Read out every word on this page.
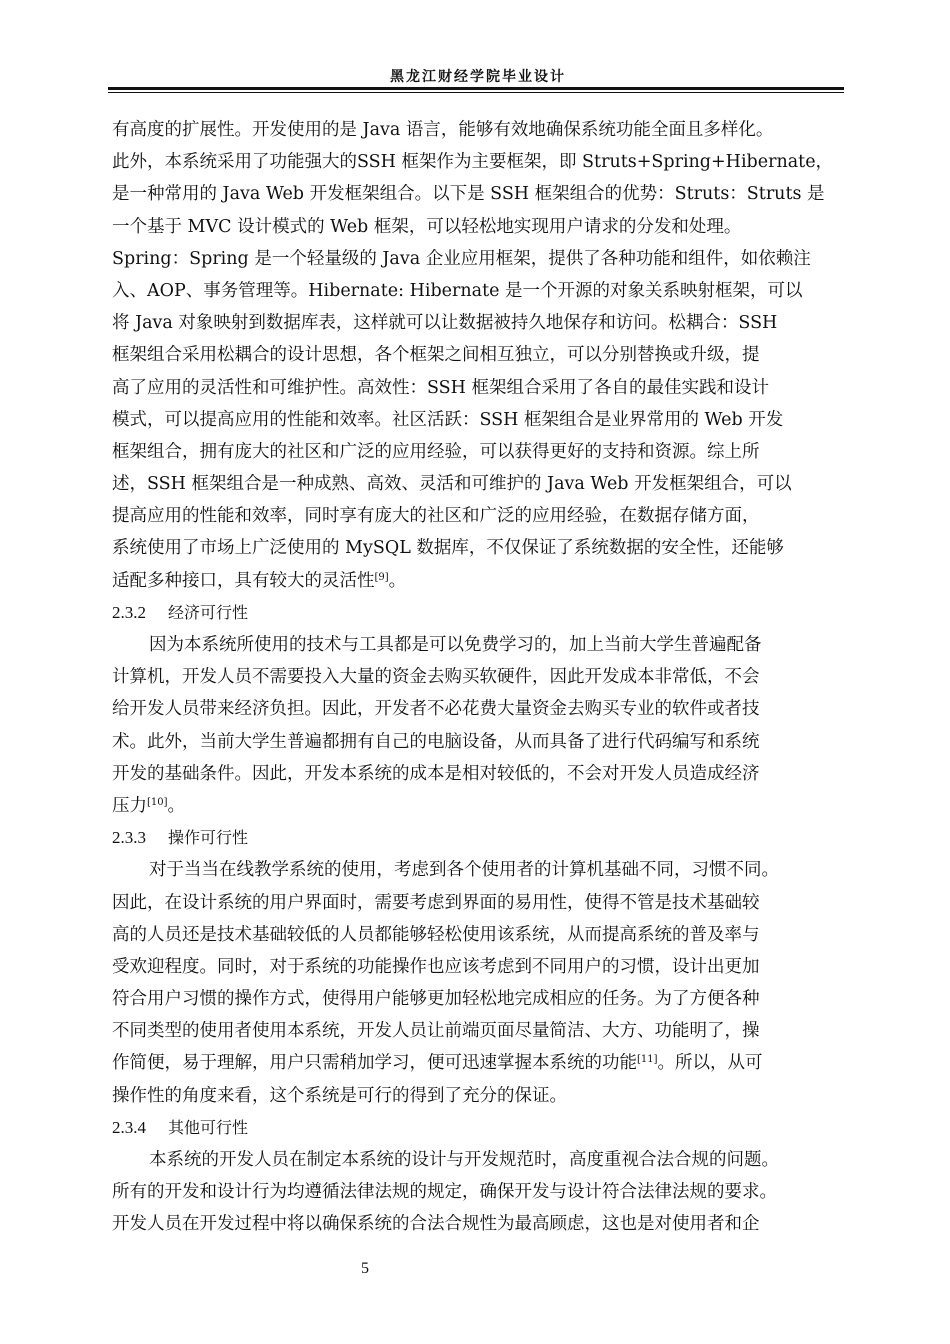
黑龙江财经学院毕业设计
有高度的扩展性。开发使用的是 Java 语言，能够有效地确保系统功能全面且多样化。
此外，本系统采用了功能强大的SSH 框架作为主要框架，即 Struts+Spring+Hibernate，
是一种常用的 Java Web 开发框架组合。以下是 SSH 框架组合的优势：Struts：Struts 是
一个基于 MVC 设计模式的 Web 框架，可以轻松地实现用户请求的分发和处理。
Spring：Spring 是一个轻量级的 Java 企业应用框架，提供了各种功能和组件，如依赖注
入、AOP、事务管理等。Hibernate: Hibernate 是一个开源的对象关系映射框架，可以
将 Java 对象映射到数据库表，这样就可以让数据被持久地保存和访问。松耦合：SSH
框架组合采用松耦合的设计思想，各个框架之间相互独立，可以分别替换或升级，提
高了应用的灵活性和可维护性。高效性：SSH 框架组合采用了各自的最佳实践和设计
模式，可以提高应用的性能和效率。社区活跃：SSH 框架组合是业界常用的 Web 开发
框架组合，拥有庞大的社区和广泛的应用经验，可以获得更好的支持和资源。综上所
述，SSH 框架组合是一种成熟、高效、灵活和可维护的 Java Web 开发框架组合，可以
提高应用的性能和效率，同时享有庞大的社区和广泛的应用经验，在数据存储方面，
系统使用了市场上广泛使用的 MySQL 数据库，不仅保证了系统数据的安全性，还能够
适配多种接口，具有较大的灵活性[9]。
2.3.2 经济可行性
因为本系统所使用的技术与工具都是可以免费学习的，加上当前大学生普遍配备
计算机，开发人员不需要投入大量的资金去购买软硬件，因此开发成本非常低，不会
给开发人员带来经济负担。因此，开发者不必花费大量资金去购买专业的软件或者技
术。此外，当前大学生普遍都拥有自己的电脑设备，从而具备了进行代码编写和系统
开发的基础条件。因此，开发本系统的成本是相对较低的，不会对开发人员造成经济
压力[10]。
2.3.3 操作可行性
对于当当在线教学系统的使用，考虑到各个使用者的计算机基础不同，习惯不同。
因此，在设计系统的用户界面时，需要考虑到界面的易用性，使得不管是技术基础较
高的人员还是技术基础较低的人员都能够轻松使用该系统，从而提高系统的普及率与
受欢迎程度。同时，对于系统的功能操作也应该考虑到不同用户的习惯，设计出更加
符合用户习惯的操作方式，使得用户能够更加轻松地完成相应的任务。为了方便各种
不同类型的使用者使用本系统，开发人员让前端页面尽量简洁、大方、功能明了，操
作简便，易于理解，用户只需稍加学习，便可迅速掌握本系统的功能[11]。所以，从可
操作性的角度来看，这个系统是可行的得到了充分的保证。
2.3.4 其他可行性
本系统的开发人员在制定本系统的设计与开发规范时，高度重视合法合规的问题。
所有的开发和设计行为均遵循法律法规的规定，确保开发与设计符合法律法规的要求。
开发人员在开发过程中将以确保系统的合法合规性为最高顾虑，这也是对使用者和企
5
